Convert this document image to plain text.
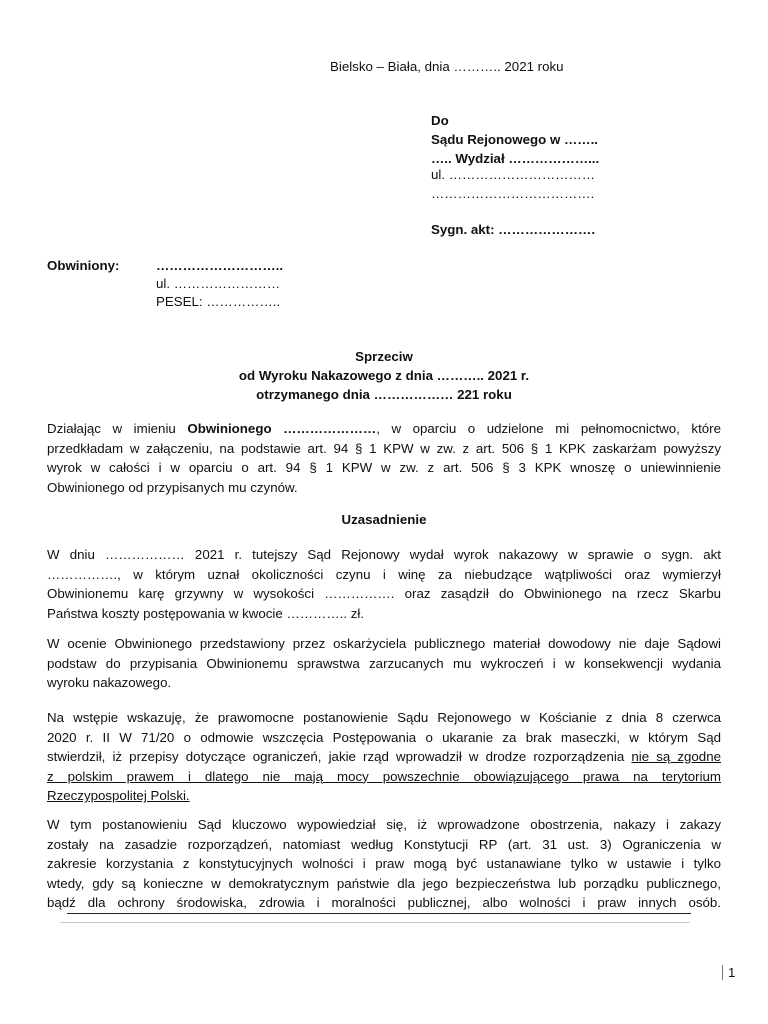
Bielsko – Biała, dnia ……….. 2021 roku
Do
Sądu Rejonowego w ……..
….. Wydział ………………...
ul. ……………………………
……………………………….
Sygn. akt: ………………….
Obwiniony:	………………………..
ul. ……………………
PESEL: ……………..
Sprzeciw
od Wyroku Nakazowego z dnia ……….. 2021 r.
otrzymanego dnia ……………… 221 roku
Działając w imieniu Obwinionego …………………, w oparciu o udzielone mi pełnomocnictwo, które
przedkładam w załączeniu, na podstawie art. 94 § 1 KPW w zw. z art. 506 § 1 KPK zaskarżam powyższy
wyrok w całości i w oparciu o art. 94 § 1 KPW w zw. z art. 506 § 3 KPK wnoszę o uniewinnienie
Obwinionego od przypisanych mu czynów.
Uzasadnienie
W dniu ……………… 2021 r. tutejszy Sąd Rejonowy wydał wyrok nakazowy w sprawie o sygn. akt
……………., w którym uznał okoliczności czynu i winę za niebudzące wątpliwości oraz wymierzył
Obwinionemu karę grzywny w wysokości ……………. oraz zasądził do Obwinionego na rzecz Skarbu
Państwa koszty postępowania w kwocie ………….. zł.
W ocenie Obwinionego przedstawiony przez oskarżyciela publicznego materiał dowodowy nie daje Sądowi
podstaw do przypisania Obwinionemu sprawstwa zarzucanych mu wykroczeń i w konsekwencji wydania
wyroku nakazowego.
Na wstępie wskazuję, że prawomocne postanowienie Sądu Rejonowego w Kościanie z dnia 8 czerwca
2020 r. II W 71/20 o odmowie wszczęcia Postępowania o ukaranie za brak maseczki, w którym Sąd
stwierdził, iż przepisy dotyczące ograniczeń, jakie rząd wprowadził w drodze rozporządzenia nie są zgodne
z polskim prawem i dlatego nie mają mocy powszechnie obowiązującego prawa na terytorium
Rzeczypospolitej Polski.
W tym postanowieniu Sąd kluczowo wypowiedział się, iż wprowadzone obostrzenia, nakazy i zakazy
zostały na zasadzie rozporządzeń, natomiast według Konstytucji RP (art. 31 ust. 3) Ograniczenia w
zakresie korzystania z konstytucyjnych wolności i praw mogą być ustanawiane tylko w ustawie i tylko
wtedy, gdy są konieczne w demokratycznym państwie dla jego bezpieczeństwa lub porządku publicznego,
bądź dla ochrony środowiska, zdrowia i moralności publicznej, albo wolności i praw innych osób.
1
